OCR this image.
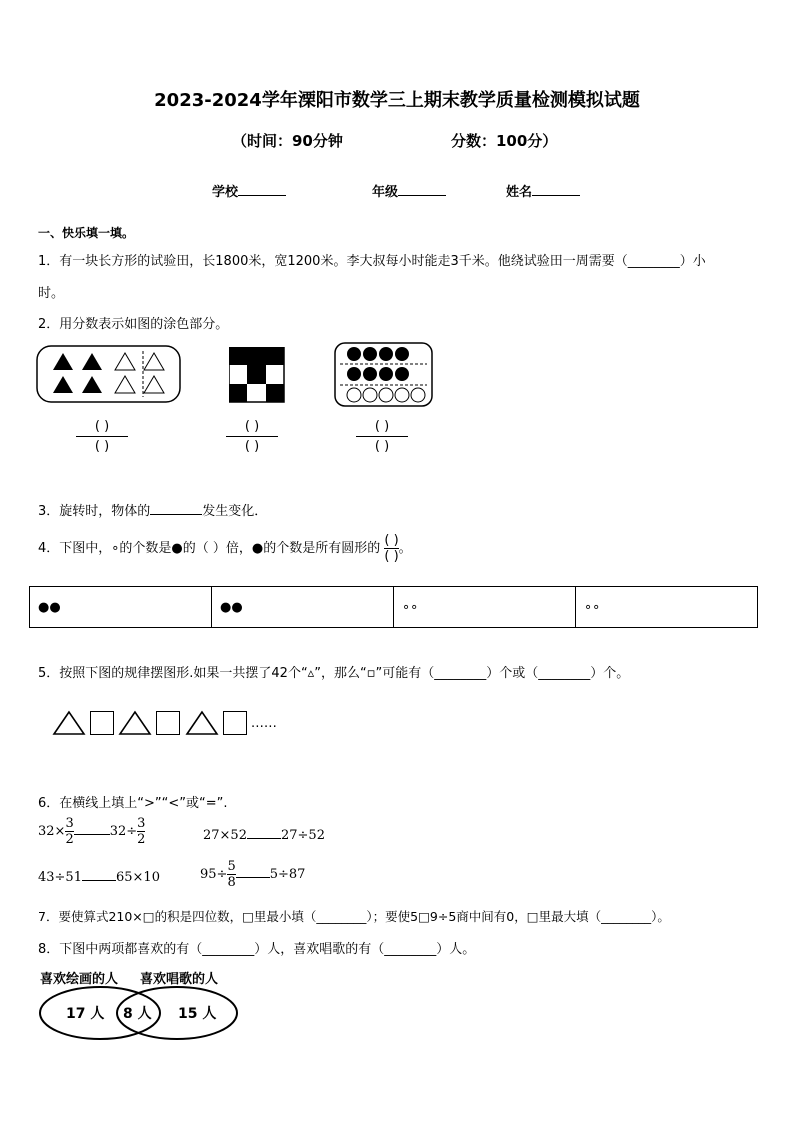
2023-2024学年溧阳市数学三上期末教学质量检测模拟试题
（时间：90分钟	分数：100分）
学校	年级	姓名
一、快乐填一填。
1．有一块长方形的试验田，长1800米，宽1200米。李大叔每小时能走3千米。他绕试验田一周需要（________）小
时。
2．用分数表示如图的涂色部分。
( )
( )
( )
( )
( )
( )
3．旋转时，物体的	发生变化．
4．下图中，∘的个数是●的（ ）倍，●的个数是所有圆形的
( )
( )
。
●●	●●	∘∘	∘∘
5．按照下图的规律摆图形.如果一共摆了42个“▵”，那么“▫”可能有（________）个或（________）个。
……
6．在横线上填上“>”“<”或“=”.
$32\times \frac{3}{2}$	$32\div \frac{3}{2}$	27×52	27÷52
43÷51	65×10	$95\div \frac{5}{8}$	5÷87
7．要使算式210×□的积是四位数，□里最小填（________）；要使5□9÷5商中间有0，□里最大填（________）。
8．下图中两项都喜欢的有（________）人，喜欢唱歌的有（________）人。
喜欢绘画的人 喜欢唱歌的人
17 人 8 人 15 人
